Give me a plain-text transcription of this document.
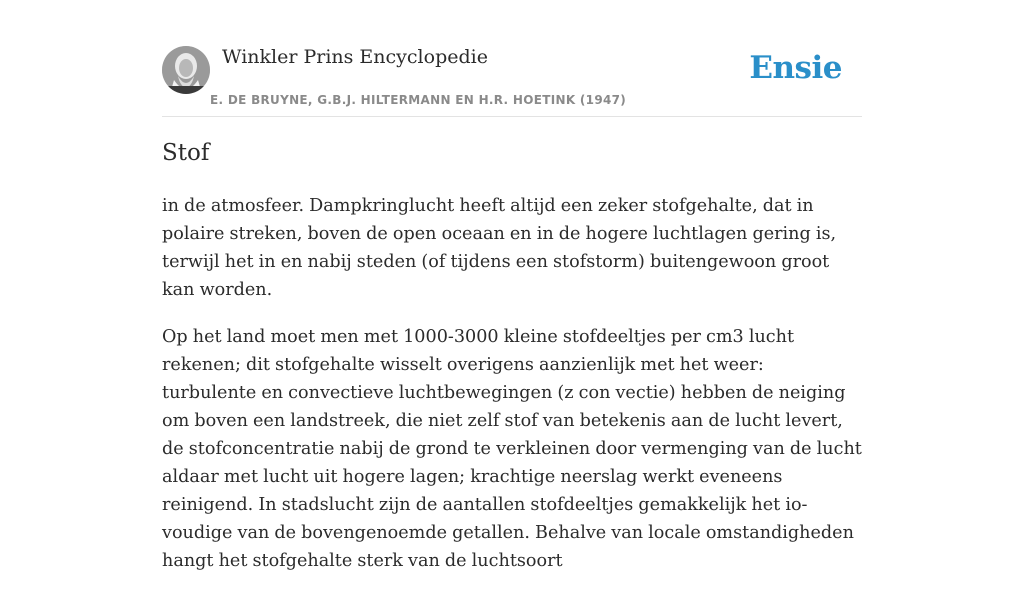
Winkler Prins Encyclopedie
E. DE BRUYNE, G.B.J. HILTERMANN EN H.R. HOETINK (1947)
Ensie
Stof

in de atmosfeer. Dampkringlucht heeft altijd een zeker stofgehalte, dat in polaire streken, boven de open oceaan en in de hogere luchtlagen gering is, terwijl het in en nabij steden (of tijdens een stofstorm) buitengewoon groot kan worden.

Op het land moet men met 1000-3000 kleine stofdeeltjes per cm3 lucht rekenen; dit stofgehalte wisselt overigens aanzienlijk met het weer: turbulente en convectieve luchtbewegingen (z con vectie) hebben de neiging om boven een landstreek, die niet zelf stof van betekenis aan de lucht levert, de stofconcentratie nabij de grond te verkleinen door vermenging van de lucht aldaar met lucht uit hogere lagen; krachtige neerslag werkt eveneens reinigend. In stadslucht zijn de aantallen stofdeeltjes gemakkelijk het io-voudige van de bovengenoemde getallen. Behalve van locale omstandigheden hangt het stofgehalte sterk van de luchtsoort
